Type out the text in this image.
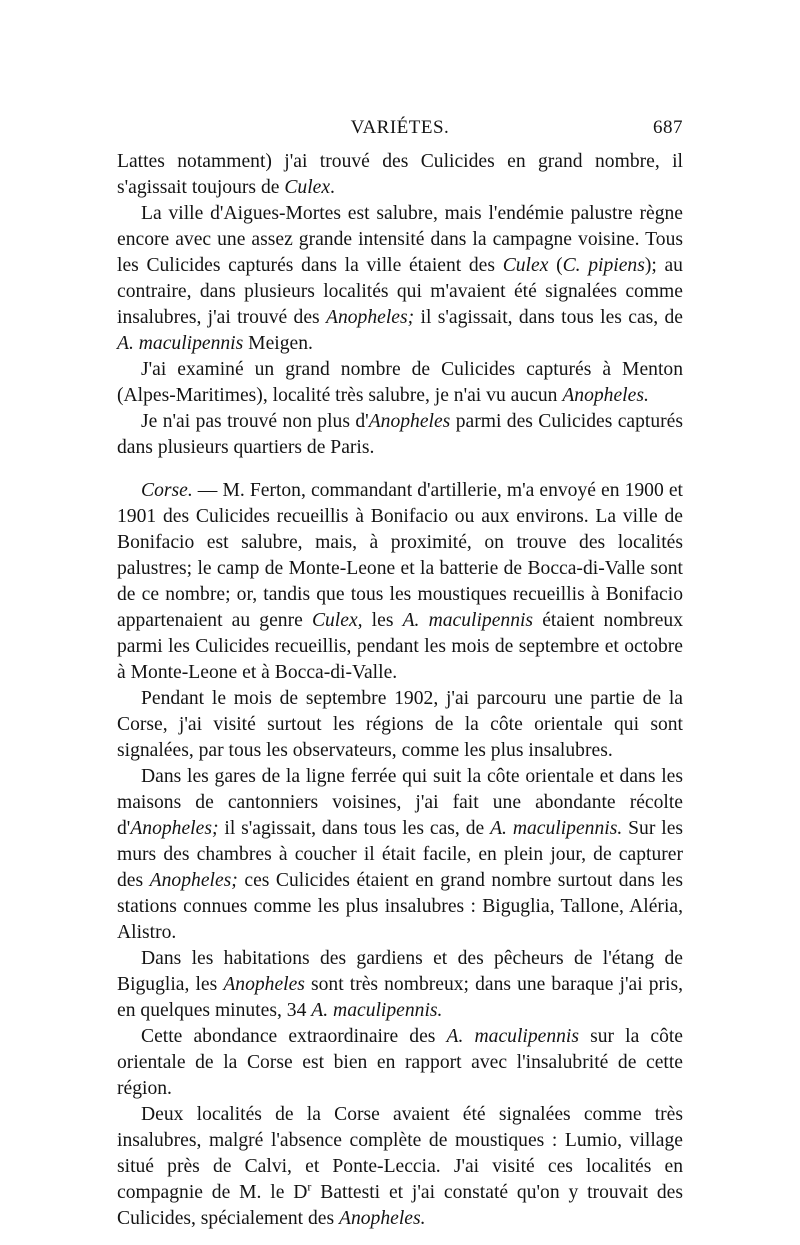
VARIÉTES.	687

Lattes notamment) j'ai trouvé des Culicides en grand nombre, il s'agissait toujours de Culex.

La ville d'Aigues-Mortes est salubre, mais l'endémie palustre règne encore avec une assez grande intensité dans la campagne voisine. Tous les Culicides capturés dans la ville étaient des Culex (C. pipiens); au contraire, dans plusieurs localités qui m'avaient été signalées comme insalubres, j'ai trouvé des Anopheles; il s'agissait, dans tous les cas, de A. maculipennis Meigen.

J'ai examiné un grand nombre de Culicides capturés à Menton (Alpes-Maritimes), localité très salubre, je n'ai vu aucun Anopheles.

Je n'ai pas trouvé non plus d'Anopheles parmi des Culicides capturés dans plusieurs quartiers de Paris.

Corse. — M. Ferton, commandant d'artillerie, m'a envoyé en 1900 et 1901 des Culicides recueillis à Bonifacio ou aux environs. La ville de Bonifacio est salubre, mais, à proximité, on trouve des localités palustres; le camp de Monte-Leone et la batterie de Bocca-di-Valle sont de ce nombre; or, tandis que tous les moustiques recueillis à Bonifacio appartenaient au genre Culex, les A. maculipennis étaient nombreux parmi les Culicides recueillis, pendant les mois de septembre et octobre à Monte-Leone et à Bocca-di-Valle.

Pendant le mois de septembre 1902, j'ai parcouru une partie de la Corse, j'ai visité surtout les régions de la côte orientale qui sont signalées, par tous les observateurs, comme les plus insalubres.

Dans les gares de la ligne ferrée qui suit la côte orientale et dans les maisons de cantonniers voisines, j'ai fait une abondante récolte d'Anopheles; il s'agissait, dans tous les cas, de A. maculipennis. Sur les murs des chambres à coucher il était facile, en plein jour, de capturer des Anopheles; ces Culicides étaient en grand nombre surtout dans les stations connues comme les plus insalubres : Biguglia, Tallone, Aléria, Alistro.

Dans les habitations des gardiens et des pêcheurs de l'étang de Biguglia, les Anopheles sont très nombreux; dans une baraque j'ai pris, en quelques minutes, 34 A. maculipennis.

Cette abondance extraordinaire des A. maculipennis sur la côte orientale de la Corse est bien en rapport avec l'insalubrité de cette région.

Deux localités de la Corse avaient été signalées comme très insalubres, malgré l'absence complète de moustiques : Lumio, village situé près de Calvi, et Ponte-Leccia. J'ai visité ces localités en compagnie de M. le $D^r$ Battesti et j'ai constaté qu'on y trouvait des Culicides, spécialement des Anopheles.
